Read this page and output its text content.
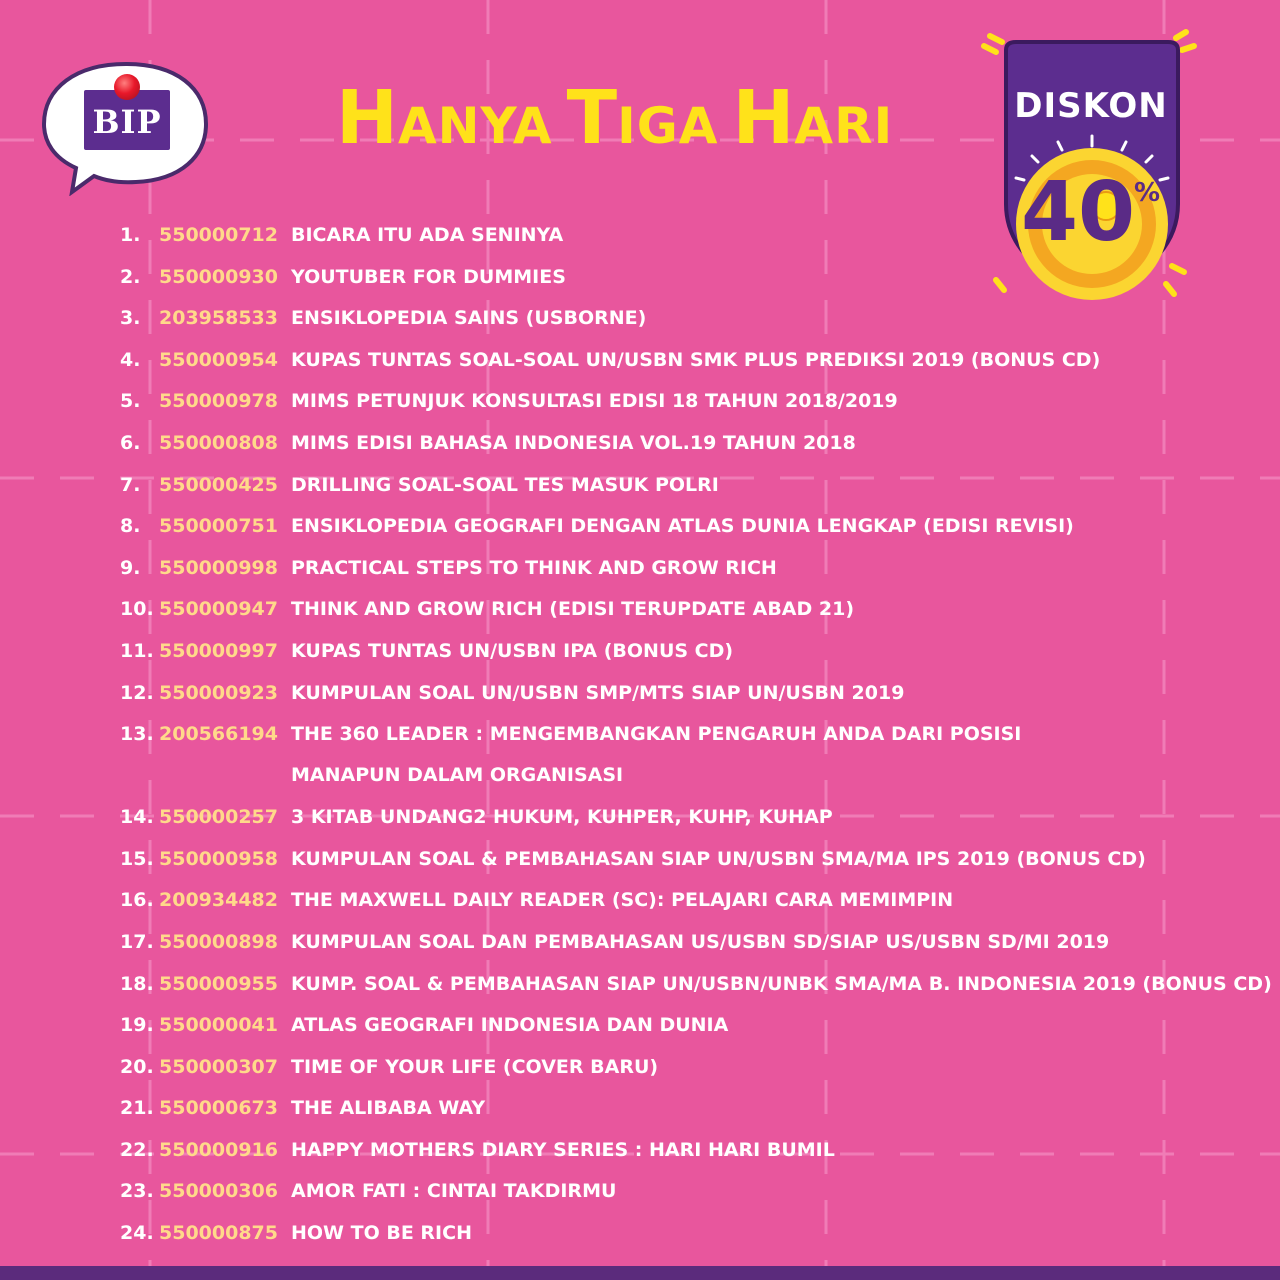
BIP HANYA TIGA HARI	DISKON
40
%
1. 550000712 BICARA ITU ADA SENINYA
2. 550000930 YOUTUBER FOR DUMMIES
3. 203958533 ENSIKLOPEDIA SAINS (USBORNE)
4. 550000954 KUPAS TUNTAS SOAL-SOAL UN/USBN SMK PLUS PREDIKSI 2019 (BONUS CD)
5. 550000978 MIMS PETUNJUK KONSULTASI EDISI 18 TAHUN 2018/2019
6. 550000808 MIMS EDISI BAHASA INDONESIA VOL.19 TAHUN 2018
7. 550000425 DRILLING SOAL-SOAL TES MASUK POLRI
8. 550000751 ENSIKLOPEDIA GEOGRAFI DENGAN ATLAS DUNIA LENGKAP (EDISI REVISI)
9. 550000998 PRACTICAL STEPS TO THINK AND GROW RICH
10. 550000947 THINK AND GROW RICH (EDISI TERUPDATE ABAD 21)
11. 550000997 KUPAS TUNTAS UN/USBN IPA (BONUS CD)
12. 550000923 KUMPULAN SOAL UN/USBN SMP/MTS SIAP UN/USBN 2019
13. 200566194 THE 360 LEADER : MENGEMBANGKAN PENGARUH ANDA DARI POSISI MANAPUN DALAM ORGANISASI
14. 550000257 3 KITAB UNDANG2 HUKUM, KUHPER, KUHP, KUHAP
15. 550000958 KUMPULAN SOAL & PEMBAHASAN SIAP UN/USBN SMA/MA IPS 2019 (BONUS CD)
16. 200934482 THE MAXWELL DAILY READER (SC): PELAJARI CARA MEMIMPIN
17. 550000898 KUMPULAN SOAL DAN PEMBAHASAN US/USBN SD/SIAP US/USBN SD/MI 2019
18. 550000955 KUMP. SOAL & PEMBAHASAN SIAP UN/USBN/UNBK SMA/MA B. INDONESIA 2019 (BONUS CD)
19. 550000041 ATLAS GEOGRAFI INDONESIA DAN DUNIA
20. 550000307 TIME OF YOUR LIFE (COVER BARU)
21. 550000673 THE ALIBABA WAY
22. 550000916 HAPPY MOTHERS DIARY SERIES : HARI HARI BUMIL
23. 550000306 AMOR FATI : CINTAI TAKDIRMU
24. 550000875 HOW TO BE RICH
